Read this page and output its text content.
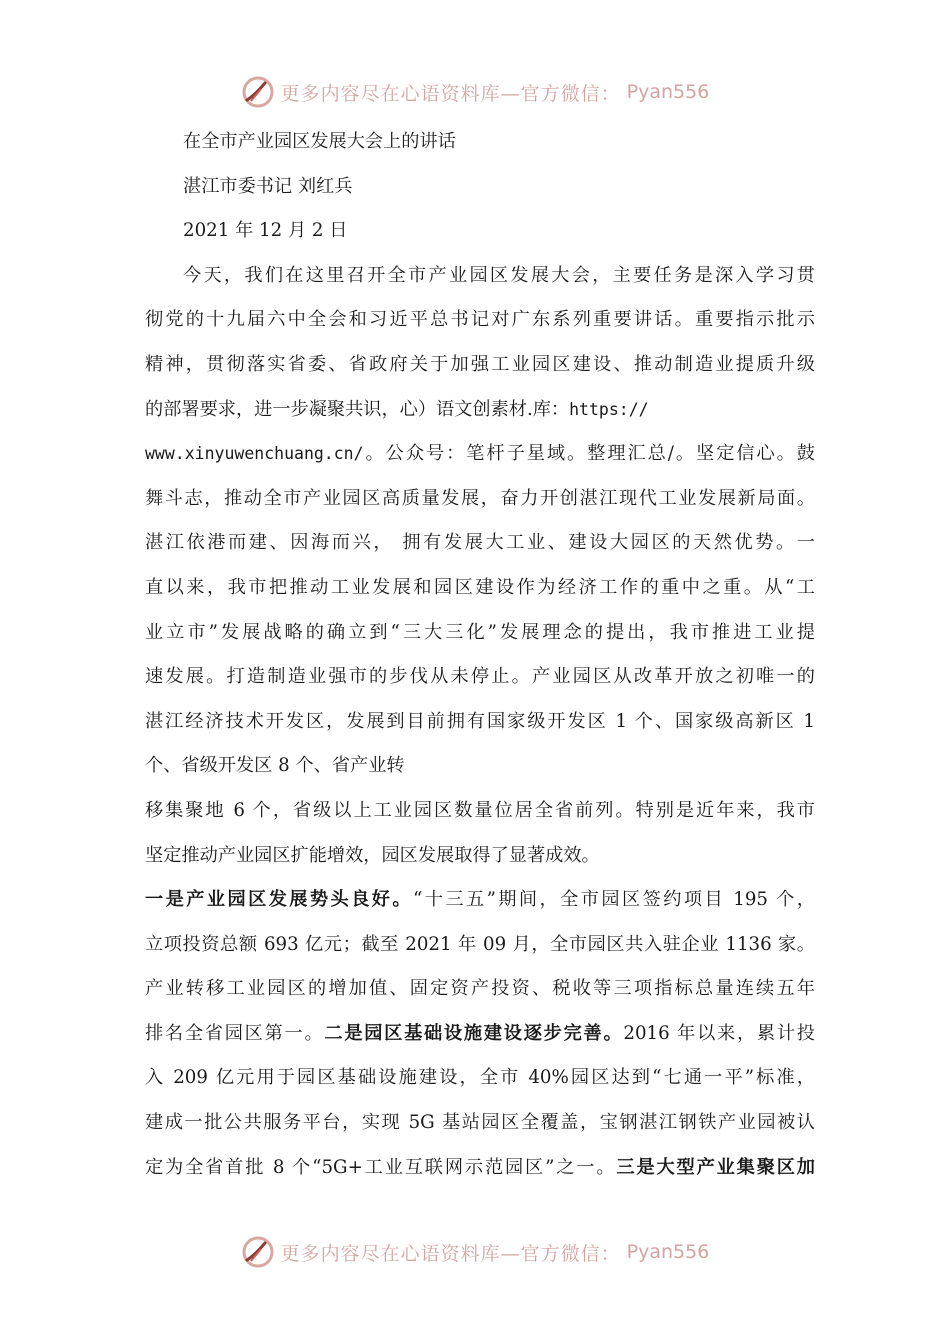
更多内容尽在心语资料库—官方微信： Pyan556
在全市产业园区发展大会上的讲话
湛江市委书记 刘红兵
2021 年 12 月 2 日
今天，我们在这里召开全市产业园区发展大会，主要任务是深入学习贯
彻党的十九届六中全会和习近平总书记对广东系列重要讲话。重要指示批示
精神，贯彻落实省委、省政府关于加强工业园区建设、推动制造业提质升级
的部署要求，进一步凝聚共识，心）语文创素材.库：https://
www.xinyuwenchuang.cn/。公众号：笔杆子星域。整理汇总/。坚定信心。鼓
舞斗志，推动全市产业园区高质量发展，奋力开创湛江现代工业发展新局面。
湛江依港而建、因海而兴， 拥有发展大工业、建设大园区的天然优势。一
直以来，我市把推动工业发展和园区建设作为经济工作的重中之重。从“工
业立市”发展战略的确立到“三大三化”发展理念的提出，我市推进工业提
速发展。打造制造业强市的步伐从未停止。产业园区从改革开放之初唯一的
湛江经济技术开发区，发展到目前拥有国家级开发区 1 个、国家级高新区 1
个、省级开发区 8 个、省产业转
移集聚地 6 个，省级以上工业园区数量位居全省前列。特别是近年来，我市
坚定推动产业园区扩能增效，园区发展取得了显著成效。
一是产业园区发展势头良好。“十三五”期间，全市园区签约项目 195 个，
立项投资总额 693 亿元；截至 2021 年 09 月，全市园区共入驻企业 1136 家。
产业转移工业园区的增加值、固定资产投资、税收等三项指标总量连续五年
排名全省园区第一。二是园区基础设施建设逐步完善。2016 年以来，累计投
入 209 亿元用于园区基础设施建设，全市 40%园区达到“七通一平”标准，
建成一批公共服务平台，实现 5G 基站园区全覆盖，宝钢湛江钢铁产业园被认
定为全省首批 8 个“5G+工业互联网示范园区”之一。三是大型产业集聚区加
更多内容尽在心语资料库—官方微信： Pyan556
